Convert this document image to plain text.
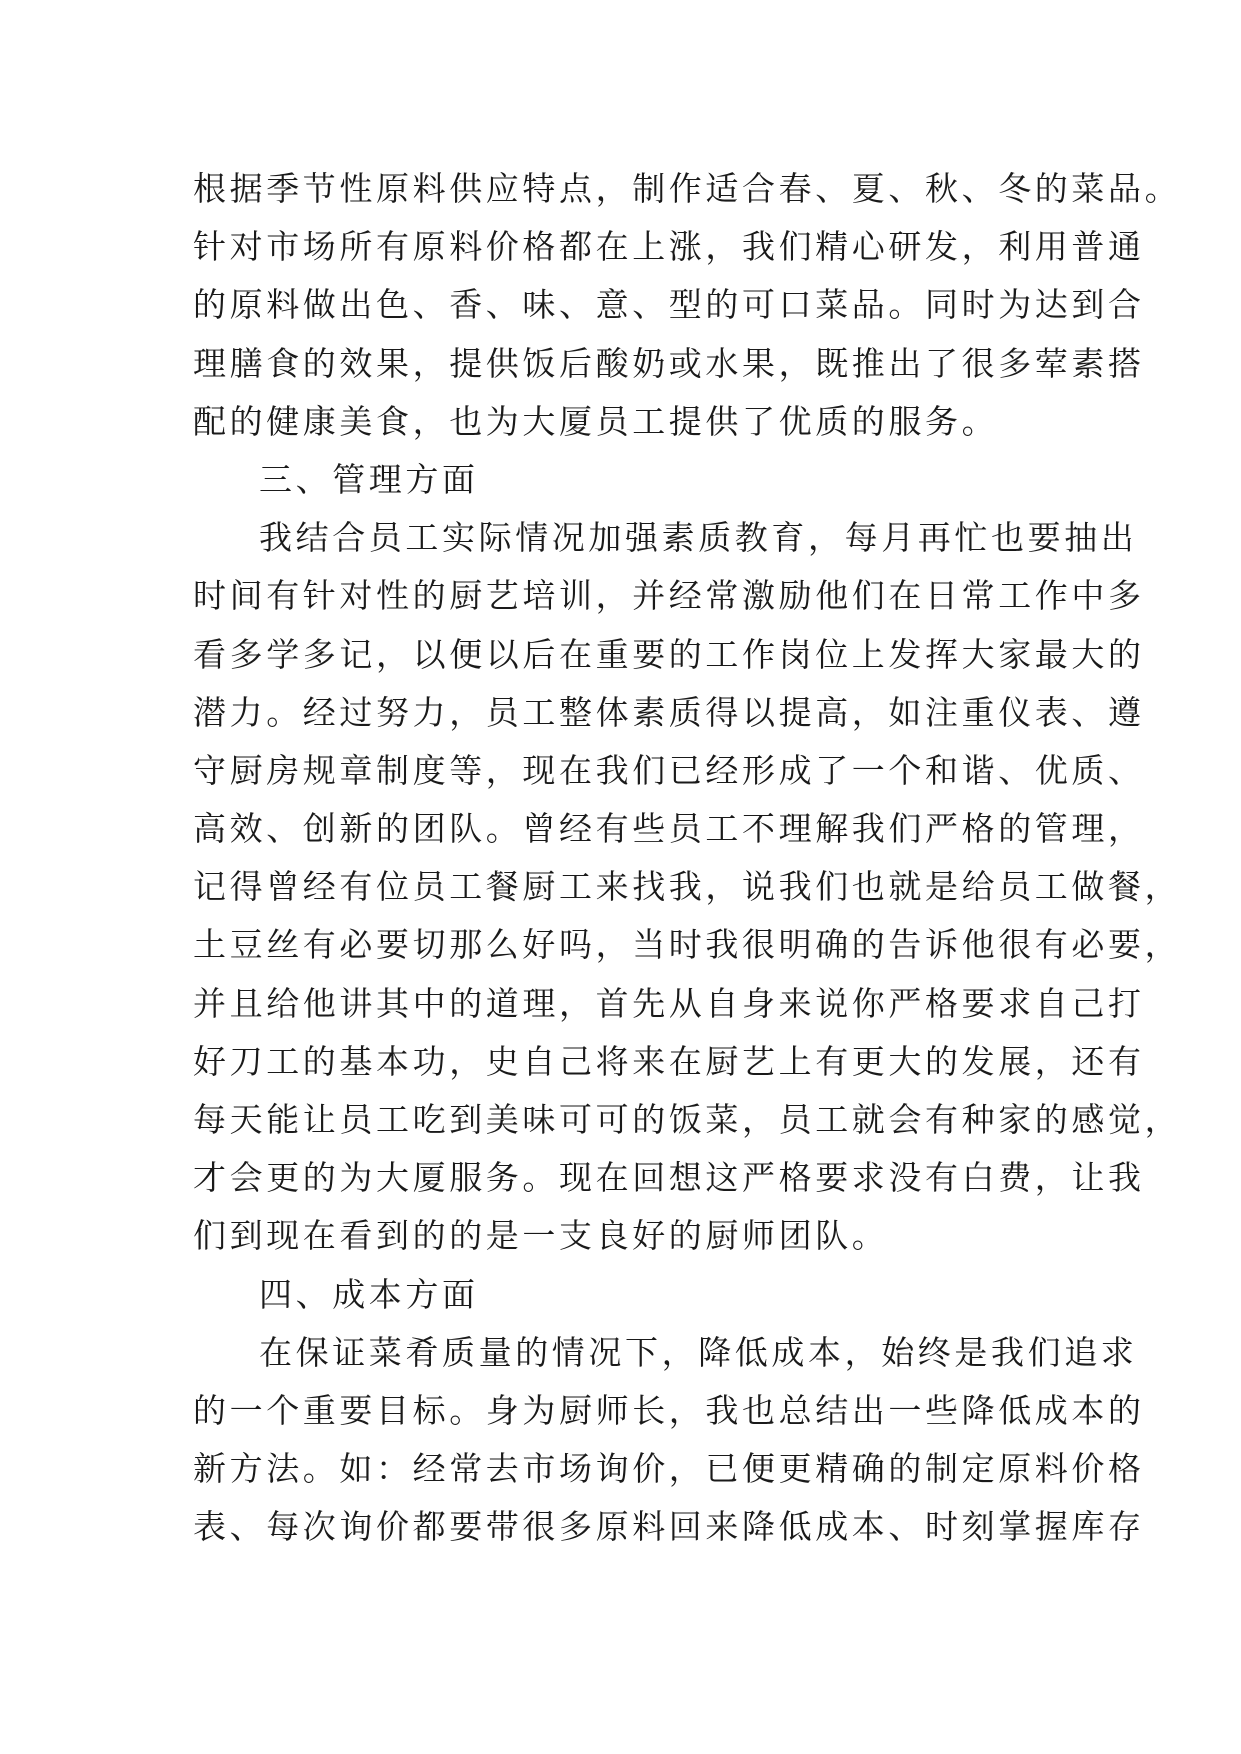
根据季节性原料供应特点，制作适合春、夏、秋、冬的菜品。
针对市场所有原料价格都在上涨，我们精心研发，利用普通
的原料做出色、香、味、意、型的可口菜品。同时为达到合
理膳食的效果，提供饭后酸奶或水果，既推出了很多荤素搭
配的健康美食，也为大厦员工提供了优质的服务。
三、管理方面
我结合员工实际情况加强素质教育，每月再忙也要抽出
时间有针对性的厨艺培训，并经常激励他们在日常工作中多
看多学多记，以便以后在重要的工作岗位上发挥大家最大的
潜力。经过努力，员工整体素质得以提高，如注重仪表、遵
守厨房规章制度等，现在我们已经形成了一个和谐、优质、
高效、创新的团队。曾经有些员工不理解我们严格的管理，
记得曾经有位员工餐厨工来找我，说我们也就是给员工做餐，
土豆丝有必要切那么好吗，当时我很明确的告诉他很有必要，
并且给他讲其中的道理，首先从自身来说你严格要求自己打
好刀工的基本功，史自己将来在厨艺上有更大的发展，还有
每天能让员工吃到美味可可的饭菜，员工就会有种家的感觉，
才会更的为大厦服务。现在回想这严格要求没有白费，让我
们到现在看到的的是一支良好的厨师团队。
四、成本方面
在保证菜肴质量的情况下，降低成本，始终是我们追求
的一个重要目标。身为厨师长，我也总结出一些降低成本的
新方法。如：经常去市场询价，已便更精确的制定原料价格
表、每次询价都要带很多原料回来降低成本、时刻掌握库存
